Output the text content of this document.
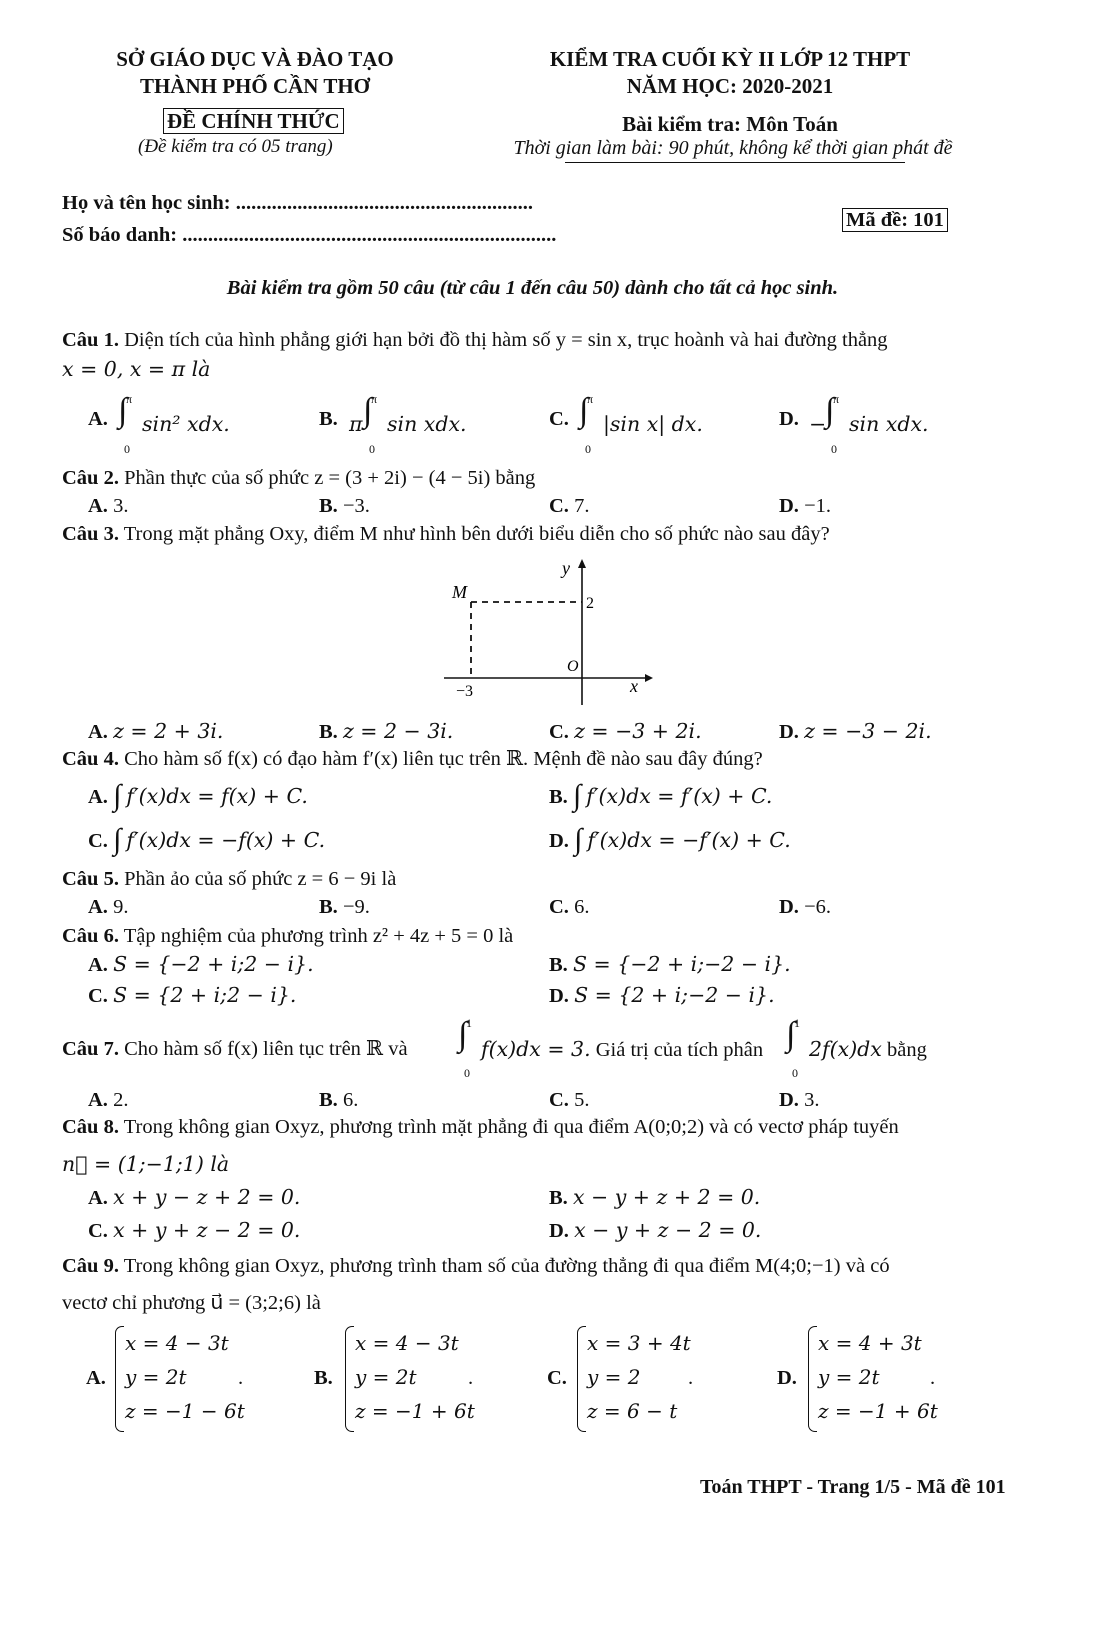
SỞ GIÁO DỤC VÀ ĐÀO TẠO
THÀNH PHỐ CẦN THƠ
ĐỀ CHÍNH THỨC
(Đề kiểm tra có 05 trang)
KIỂM TRA CUỐI KỲ II LỚP 12 THPT
NĂM HỌC: 2020-2021
Bài kiểm tra: Môn Toán
Thời gian làm bài: 90 phút, không kể thời gian phát đề
Họ và tên học sinh: ..........................................................
Số báo danh: .........................................................................
Mã đề: 101
Bài kiểm tra gồm 50 câu (từ câu 1 đến câu 50) dành cho tất cả học sinh.
Câu 1. Diện tích của hình phẳng giới hạn bởi đồ thị hàm số y = sin x, trục hoành và hai đường thẳng
x = 0, x = π là
A. ∫
π
0
sin² xdx.	B. π ∫
π
0
sin xdx.	C. ∫
π
0
|sin x| dx.	D. −
∫
π
0
sin xdx.
Câu 2. Phần thực của số phức z = (3 + 2i) − (4 − 5i) bằng
A. 3.	B. −3.	C. 7.	D. −1.
Câu 3. Trong mặt phẳng Oxy, điểm M như hình bên dưới biểu diễn cho số phức nào sau đây?
y
x
O
M
2
−3
A. z = 2 + 3i.	B. z = 2 − 3i.	C. z = −3 + 2i.	D. z = −3 − 2i.
Câu 4. Cho hàm số f(x) có đạo hàm f′(x) liên tục trên ℝ. Mệnh đề nào sau đây đúng?
A. ∫ f′(x)dx = f(x) + C.	B. ∫ f′(x)dx = f′(x) + C.
C. ∫ f′(x)dx = −f(x) + C.	D. ∫ f′(x)dx = −f′(x) + C.
Câu 5. Phần ảo của số phức z = 6 − 9i là
A. 9.	B. −9.	C. 6.	D. −6.
Câu 6. Tập nghiệm của phương trình z² + 4z + 5 = 0 là
A. S = {−2 + i;2 − i}.	B. S = {−2 + i;−2 − i}.
C. S = {2 + i;2 − i}.	D. S = {2 + i;−2 − i}.
Câu 7. Cho hàm số f(x) liên tục trên ℝ và ∫
1
0
f(x)dx = 3. Giá trị của tích phân ∫
1
0
2f(x)dx bằng
A. 2.	B. 6.	C. 5.	D. 3.
Câu 8. Trong không gian Oxyz, phương trình mặt phẳng đi qua điểm A(0;0;2) và có vectơ pháp tuyến
n⃗ = (1;−1;1) là
A. x + y − z + 2 = 0.	B. x − y + z + 2 = 0.
C. x + y + z − 2 = 0.	D. x − y + z − 2 = 0.
Câu 9. Trong không gian Oxyz, phương trình tham số của đường thẳng đi qua điểm M(4;0;−1) và có
vectơ chỉ phương u⃗ = (3;2;6) là
A.
x = 4 − 3t
y = 2t
z = −1 − 6t
.	B.
x = 4 − 3t
y = 2t
z = −1 + 6t
.	C.
x = 3 + 4t
y = 2
z = 6 − t
.	D.
x = 4 + 3t
y = 2t
z = −1 + 6t
.
Toán THPT - Trang 1/5 - Mã đề 101
